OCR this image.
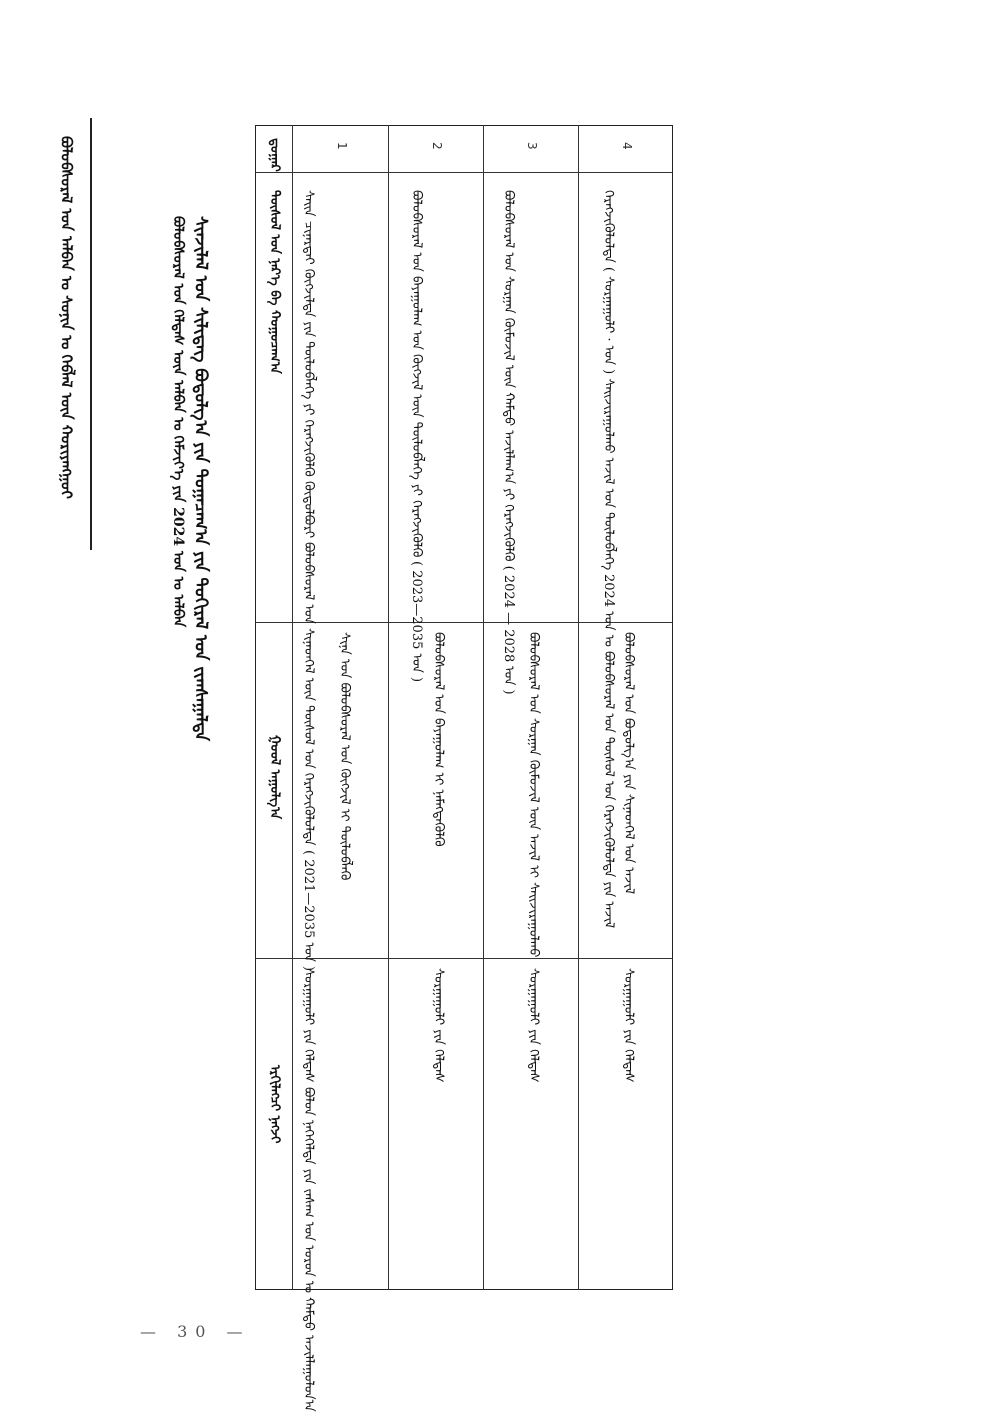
ᠪᠣᠯᠣᠪᠰᠤᠷᠠᠯ ᠤᠨ ᠠᠯᠪᠠᠨ ᠤ ᠰᠣᠨᠢᠨ ᠤ ᠬᠡᠪᠯᠡᠯ ᠦᠨ ᠬᠤᠷᠢᠶᠠᠩᠭᠤᠢ	ᠰᠢᠨᠵᠢᠯᠡᠯ ᠤᠨ ᠰᠢᠯᠢᠳᠡᠭ ᠪᠣᠳᠤᠯᠭ᠎ᠠ ᠶᠢᠨ ᠲᠣᠭᠠᠴᠠᠭ᠎ᠠ ᠶᠢᠨ ᠲᠣᠬᠢᠷᠠᠯ ᠤᠨ ᠵᠢᠭᠰᠠᠭᠠᠯᠲᠠ
ᠪᠣᠯᠣᠪᠰᠤᠷᠠᠯ ᠤᠨ ᠬᠡᠯᠲᠡᠰ ᠦᠨ ᠠᠯᠪᠠᠨ ᠤ ᠬᠡᠮᠵᠢᠶ᠎ᠡ ᠶᠢᠨ 2024 ᠣᠨ ᠤ ᠠᠯᠪᠠᠨ
ᠳ᠋ᠤᠭᠠᠷ
ᠲᠥᠰᠥᠯ ᠤᠨ ᠨᠡᠷ᠎ᠡ ᠪᠠ ᠬᠣᠭᠤᠴᠠᠭ᠎ᠠ
ᠭᠣᠣᠯ ᠠᠭᠤᠯᠭ᠎ᠠ
ᠡᠷᠬᠢᠯᠡᠭᠴᠢ ᠨᠡᠭᠵᠢ
1
ᠰᠠᠢᠨ ᠴᠢᠨᠠᠷᠲᠠᠢ ᠬᠥᠭᠵᠢᠯᠲᠡ ᠶᠢᠨ ᠲᠥᠯᠥᠪᠯᠡᠭᠡ ᠶᠢ ᠬᠡᠷᠡᠭᠵᠢᠭᠦᠯᠬᠦ ᠬᠥᠲᠦᠯᠪᠦᠷᠢ
ᠪᠣᠯᠣᠪᠰᠤᠷᠠᠯ ᠤᠨ ᠰᠢᠨᠡᠳᠭᠡᠯ ᠦᠨ ᠲᠥᠰᠥᠯ ᠤᠨ ᠬᠡᠷᠡᠭᠵᠢᠭᠦᠯᠦᠯᠲᠡ
( 2021—2035 ᠣᠨ )
ᠰᠢᠨᠡ ᠤᠨ ᠪᠣᠯᠣᠪᠰᠤᠷᠠᠯ ᠤᠨ ᠬᠥᠭᠵᠢᠯ ᠢ ᠲᠥᠯᠥᠪᠯᠡᠬᠦ
ᠰᠤᠷᠭᠠᠭᠤᠯᠢ ᠶᠢᠨ ᠬᠡᠯᠲᠡᠰ
ᠪᠤᠯᠤᠨ ᠨᠡᠭᠡᠭᠡᠯᠲᠡ ᠶᠢᠨ ᠵᠠᠰᠠᠭ ᠤᠨ ᠣᠷᠣᠨ ᠤ ᠬᠠᠮᠲᠤ
ᠠᠵᠢᠯᠯᠠᠭᠤᠯᠤᠨ᠎ᠠ
2
ᠪᠣᠯᠣᠪᠰᠤᠷᠠᠯ ᠤᠨ ᠪᠠᠶᠠᠭᠤᠯᠠᠭ ᠤᠨ ᠬᠥᠭᠵᠢᠯ ᠦᠨ ᠲᠥᠯᠥᠪᠯᠡᠭᠡ ᠶᠢ ᠬᠡᠷᠡᠭᠵᠢᠭᠦᠯᠬᠦ
( 2023—2035 ᠣᠨ )
ᠪᠣᠯᠣᠪᠰᠤᠷᠠᠯ ᠤᠨ ᠪᠠᠶᠠᠭᠤᠯᠠᠭ ᠢ ᠨᠡᠮᠡᠭᠳᠡᠭᠦᠯᠬᠦ
ᠰᠤᠷᠭᠠᠭᠤᠯᠢ ᠶᠢᠨ ᠬᠡᠯᠲᠡᠰ
3
ᠪᠣᠯᠣᠪᠰᠤᠷᠠᠯ ᠤᠨ ᠰᠤᠷᠭᠠᠨ ᠬᠥᠮᠦᠵᠢᠯ ᠦᠨ ᠬᠠᠮᠲᠤ ᠠᠵᠢᠯᠯᠠᠭ᠎ᠠ ᠶᠢ ᠬᠡᠷᠡᠭᠵᠢᠭᠦᠯᠬᠦ ( 2024 — 2028
ᠣᠨ ) ᠪᠣᠯᠣᠪᠰᠤᠷᠠᠯ ᠤᠨ ᠰᠤᠷᠭᠠᠨ ᠬᠥᠮᠦᠵᠢᠯ ᠦᠨ ᠠᠵᠢᠯ ᠢ ᠰᠠᠢᠵᠢᠷᠠᠭᠤᠯᠬᠤ
ᠰᠤᠷᠭᠠᠭᠤᠯᠢ ᠶᠢᠨ ᠬᠡᠯᠲᠡᠰ
4
ᠬᠡᠷᠡᠭᠵᠢᠭᠦᠯᠦᠯᠲᠡ ( ᠰᠤᠷᠭᠠᠭᠤᠯᠢ · ᠣᠨ ) ᠰᠠᠢᠵᠢᠷᠠᠭᠤᠯᠬᠤ ᠠᠵᠢᠯ ᠤᠨ ᠲᠥᠯᠥᠪᠯᠡᠭᠡ
2024 ᠣᠨ ᠤ ᠪᠣᠯᠣᠪᠰᠤᠷᠠᠯ ᠤᠨ ᠲᠥᠰᠥᠯ ᠤᠨ ᠬᠡᠷᠡᠭᠵᠢᠭᠦᠯᠦᠯᠲᠡ ᠶᠢᠨ ᠠᠵᠢᠯ ᠪᠣᠯᠣᠪᠰᠤᠷᠠᠯ ᠤᠨ ᠪᠣᠳᠤᠯᠭ᠎ᠠ ᠶᠢᠨ ᠰᠢᠨᠡᠳᠭᠡᠯ ᠤᠨ ᠠᠵᠢᠯ
ᠰᠤᠷᠭᠠᠭᠤᠯᠢ ᠶᠢᠨ ᠬᠡᠯᠲᠡᠰ
— 30 —
